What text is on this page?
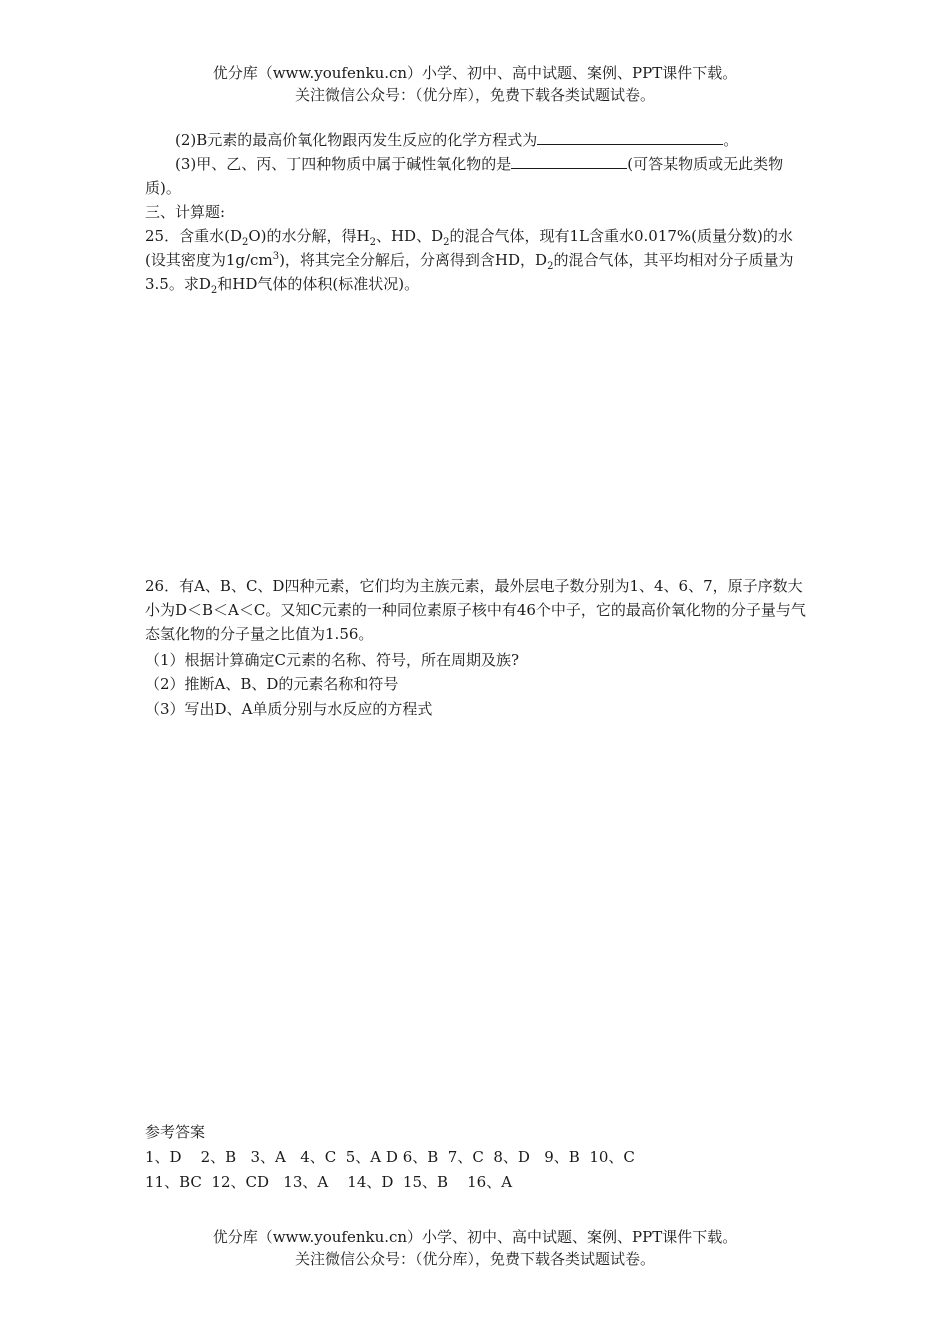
优分库（www.youfenku.cn）小学、初中、高中试题、案例、PPT课件下载。
关注微信公众号：（优分库），免费下载各类试题试卷。
(2)B元素的最高价氧化物跟丙发生反应的化学方程式为	。
(3)甲、乙、丙、丁四种物质中属于碱性氧化物的是	(可答某物质或无此类物质)。
三、计算题:
25．含重水$(D_2O)$的水分解，得$H_2$、HD、$D_2$的混合气体，现有1L含重水0.017%(质量分数)的水(设其密度为$1g/cm^3$)，将其完全分解后，分离得到含HD，$D_2$的混合气体，其平均相对分子质量为3.5。求$D_2$和HD气体的体积(标准状况)。
26．有A、B、C、D四种元素，它们均为主族元素，最外层电子数分别为1、4、6、7，原子序数大小为D＜B＜A＜C。又知C元素的一种同位素原子核中有46个中子，它的最高价氧化物的分子量与气态氢化物的分子量之比值为1.56。
（1）根据计算确定C元素的名称、符号，所在周期及族?
（2）推断A、B、D的元素名称和符号
（3）写出D、A单质分别与水反应的方程式
参考答案
1、D    2、B   3、A   4、C  5、A D 6、B  7、C  8、D   9、B  10、C
11、BC  12、CD   13、A    14、D  15、B    16、A
优分库（www.youfenku.cn）小学、初中、高中试题、案例、PPT课件下载。
关注微信公众号：（优分库），免费下载各类试题试卷。
